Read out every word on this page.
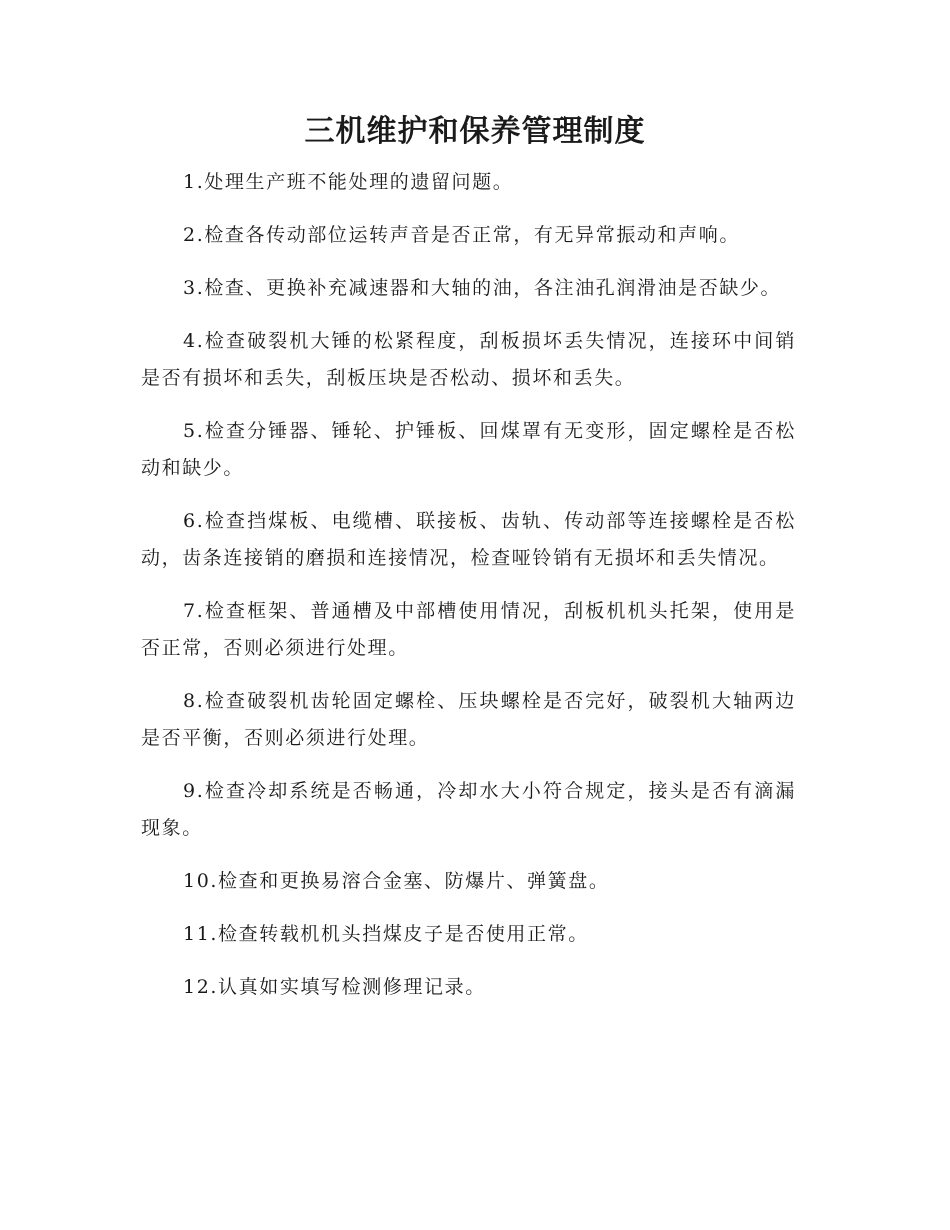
三机维护和保养管理制度

1.处理生产班不能处理的遗留问题。

2.检查各传动部位运转声音是否正常，有无异常振动和声响。

3.检查、更换补充减速器和大轴的油，各注油孔润滑油是否缺少。

4.检查破裂机大锤的松紧程度，刮板损坏丢失情况，连接环中间销是否有损坏和丢失，刮板压块是否松动、损坏和丢失。

5.检查分锤器、锤轮、护锤板、回煤罩有无变形，固定螺栓是否松动和缺少。

6.检查挡煤板、电缆槽、联接板、齿轨、传动部等连接螺栓是否松动，齿条连接销的磨损和连接情况，检查哑铃销有无损坏和丢失情况。

7.检查框架、普通槽及中部槽使用情况，刮板机机头托架，使用是否正常，否则必须进行处理。

8.检查破裂机齿轮固定螺栓、压块螺栓是否完好，破裂机大轴两边是否平衡，否则必须进行处理。

9.检查冷却系统是否畅通，冷却水大小符合规定，接头是否有滴漏现象。

10.检查和更换易溶合金塞、防爆片、弹簧盘。

11.检查转载机机头挡煤皮子是否使用正常。

12.认真如实填写检测修理记录。
